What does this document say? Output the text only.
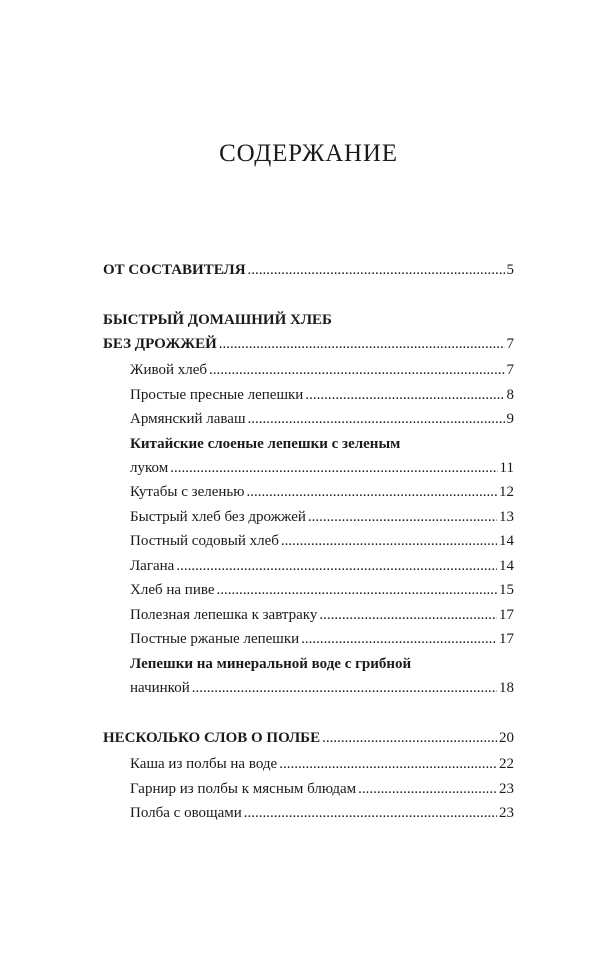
СОДЕРЖАНИЕ
ОТ СОСТАВИТЕЛЯ .....	5
БЫСТРЫЙ ДОМАШНИЙ ХЛЕБ
БЕЗ ДРОЖЖЕЙ .....	7
Живой хлеб .....	7
Простые пресные лепешки .....	8
Армянский лаваш .....	9
Китайские слоеные лепешки с зеленым
луком .....	11
Кутабы с зеленью .....	12
Быстрый хлеб без дрожжей .....	13
Постный содовый хлеб .....	14
Лагана .....	14
Хлеб на пиве .....	15
Полезная лепешка к завтраку .....	17
Постные ржаные лепешки .....	17
Лепешки на минеральной воде с грибной
начинкой .....	18
НЕСКОЛЬКО СЛОВ О ПОЛБЕ .....	20
Каша из полбы на воде .....	22
Гарнир из полбы к мясным блюдам .....	23
Полба с овощами .....	23
